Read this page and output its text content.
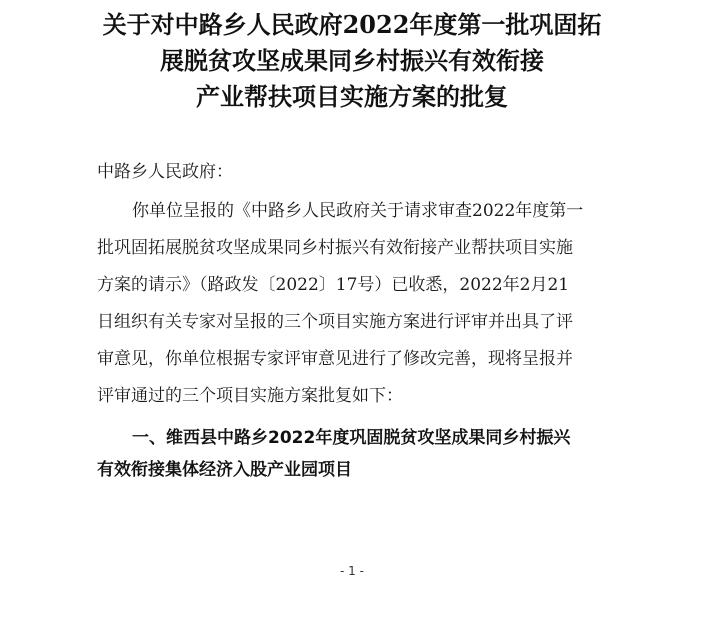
关于对中路乡人民政府2022年度第一批巩固拓
展脱贫攻坚成果同乡村振兴有效衔接
产业帮扶项目实施方案的批复
中路乡人民政府：
你单位呈报的《中路乡人民政府关于请求审查2022年度第一
批巩固拓展脱贫攻坚成果同乡村振兴有效衔接产业帮扶项目实施
方案的请示》（路政发〔2022〕17号）已收悉，2022年2月21
日组织有关专家对呈报的三个项目实施方案进行评审并出具了评
审意见，你单位根据专家评审意见进行了修改完善，现将呈报并
评审通过的三个项目实施方案批复如下：
一、维西县中路乡2022年度巩固脱贫攻坚成果同乡村振兴
有效衔接集体经济入股产业园项目
- 1 -
